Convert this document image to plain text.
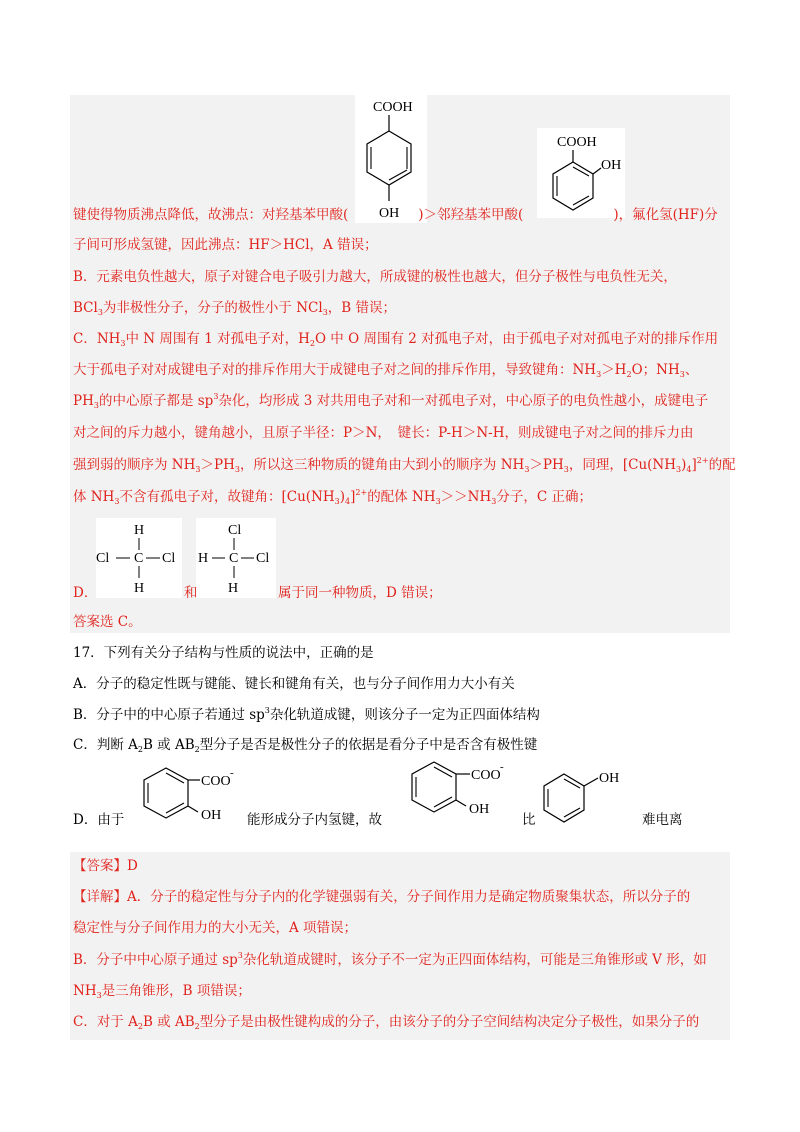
COOH
OH
COOH
OH
键使得物质沸点降低，故沸点：对羟基苯甲酸(	)＞邻羟基苯甲酸(	)，氟化氢(HF)分
子间可形成氢键，因此沸点：HF＞HCl，A 错误；
B．元素电负性越大，原子对键合电子吸引力越大，所成键的极性也越大，但分子极性与电负性无关，
BCl$_3$为非极性分子，分子的极性小于 NCl$_3$，B 错误；
C．$NH_3$中 N 周围有 1 对孤电子对，$H_2O$ 中 O 周围有 2 对孤电子对，由于孤电子对对孤电子对的排斥作用
大于孤电子对对成键电子对的排斥作用大于成键电子对之间的排斥作用，导致键角：$NH_3>H_2O$；$NH_3$、
$PH_3$的中心原子都是 $sp^3$杂化，均形成 3 对共用电子对和一对孤电子对，中心原子的电负性越小，成键电子
对之间的斥力越小，键角越小，且原子半径：P＞N，　键长：P-H＞N-H，则成键电子对之间的排斥力由
强到弱的顺序为 $NH_3>PH_3$，所以这三种物质的键角由大到小的顺序为 $NH_3>PH_3$，同理，$[Cu(NH_3)_4]^{2+}$的配
体 $NH_3$不含有孤电子对，故键角：$[Cu(NH_3)_4]^{2+}$的配体 $NH_3>>NH_3$分子，C 正确；
H
Cl C Cl
H
Cl
H C Cl
H
D．	和	属于同一种物质，D 错误；
答案选 C。
17．下列有关分子结构与性质的说法中，正确的是
A．分子的稳定性既与键能、键长和键角有关，也与分子间作用力大小有关
B．分子中的中心原子若通过 $sp^3$杂化轨道成键，则该分子一定为正四面体结构
C．判断 $A_2B$ 或 $AB_2$型分子是否是极性分子的依据是看分子中是否含有极性键
D．由于
COO
-
OH 能形成分子内氢键，故
COO
-
OH
比
OH
难电离
【答案】D
【详解】A．分子的稳定性与分子内的化学键强弱有关，分子间作用力是确定物质聚集状态，所以分子的
稳定性与分子间作用力的大小无关，A 项错误；
B．分子中中心原子通过 $sp^3$杂化轨道成键时，该分子不一定为正四面体结构，可能是三角锥形或 V 形，如
$NH_3$是三角锥形，B 项错误；
C．对于 $A_2B$ 或 $AB_2$型分子是由极性键构成的分子，由该分子的分子空间结构决定分子极性，如果分子的
